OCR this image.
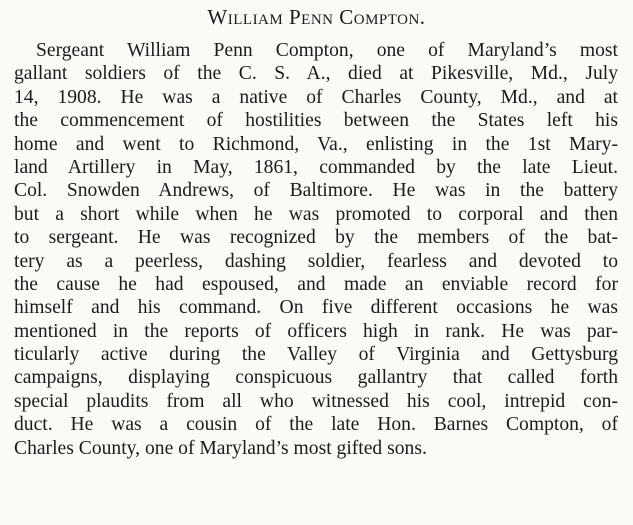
William Penn Compton.
Sergeant William Penn Compton, one of Maryland’s most
gallant soldiers of the C. S. A., died at Pikesville, Md., July
14, 1908. He was a native of Charles County, Md., and at
the commencement of hostilities between the States left his
home and went to Richmond, Va., enlisting in the 1st Mary-
land Artillery in May, 1861, commanded by the late Lieut.
Col. Snowden Andrews, of Baltimore. He was in the battery
but a short while when he was promoted to corporal and then
to sergeant. He was recognized by the members of the bat-
tery as a peerless, dashing soldier, fearless and devoted to
the cause he had espoused, and made an enviable record for
himself and his command. On five different occasions he was
mentioned in the reports of officers high in rank. He was par-
ticularly active during the Valley of Virginia and Gettysburg
campaigns, displaying conspicuous gallantry that called forth
special plaudits from all who witnessed his cool, intrepid con-
duct. He was a cousin of the late Hon. Barnes Compton, of
Charles County, one of Maryland’s most gifted sons.
